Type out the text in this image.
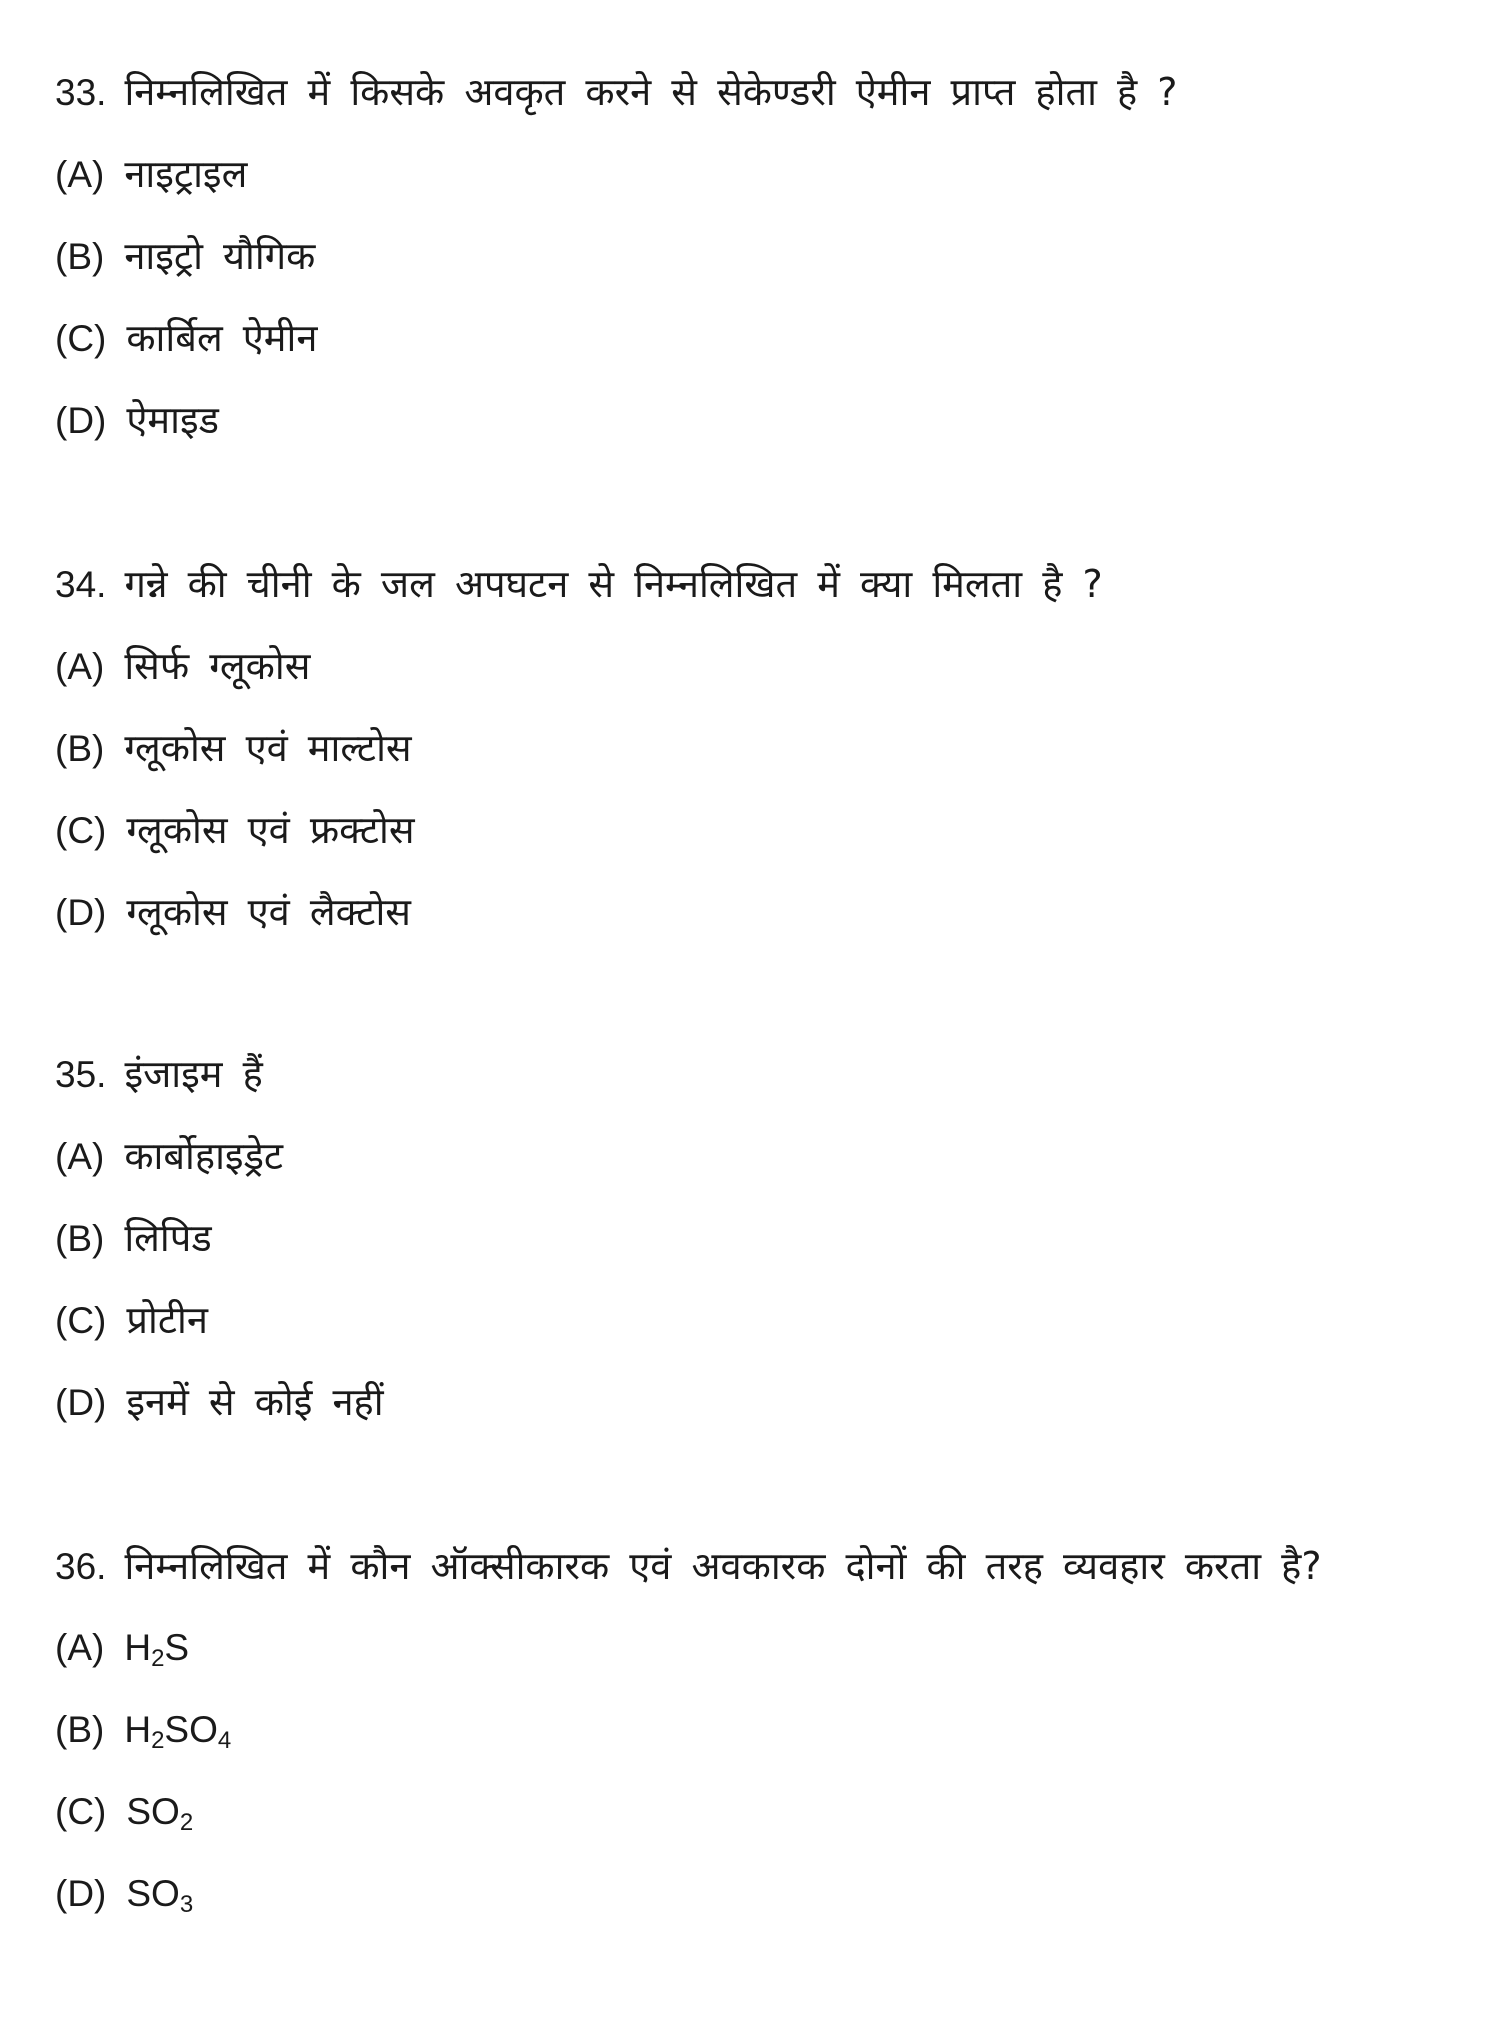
33. निम्नलिखित में किसके अवकृत करने से सेकेण्डरी ऐमीन प्राप्त होता है ?
(A) नाइट्राइल
(B) नाइट्रो यौगिक
(C) कार्बिल ऐमीन
(D) ऐमाइड
34. गन्ने की चीनी के जल अपघटन से निम्नलिखित में क्या मिलता है ?
(A) सिर्फ ग्लूकोस
(B) ग्लूकोस एवं माल्टोस
(C) ग्लूकोस एवं फ्रक्टोस
(D) ग्लूकोस एवं लैक्टोस
35. इंजाइम हैं
(A) कार्बोहाइड्रेट
(B) लिपिड
(C) प्रोटीन
(D) इनमें से कोई नहीं
36. निम्नलिखित में कौन ऑक्सीकारक एवं अवकारक दोनों की तरह व्यवहार करता है?
(A) $H_2S$
(B) $H_2SO_4$
(C) $SO_2$
(D) $SO_3$
